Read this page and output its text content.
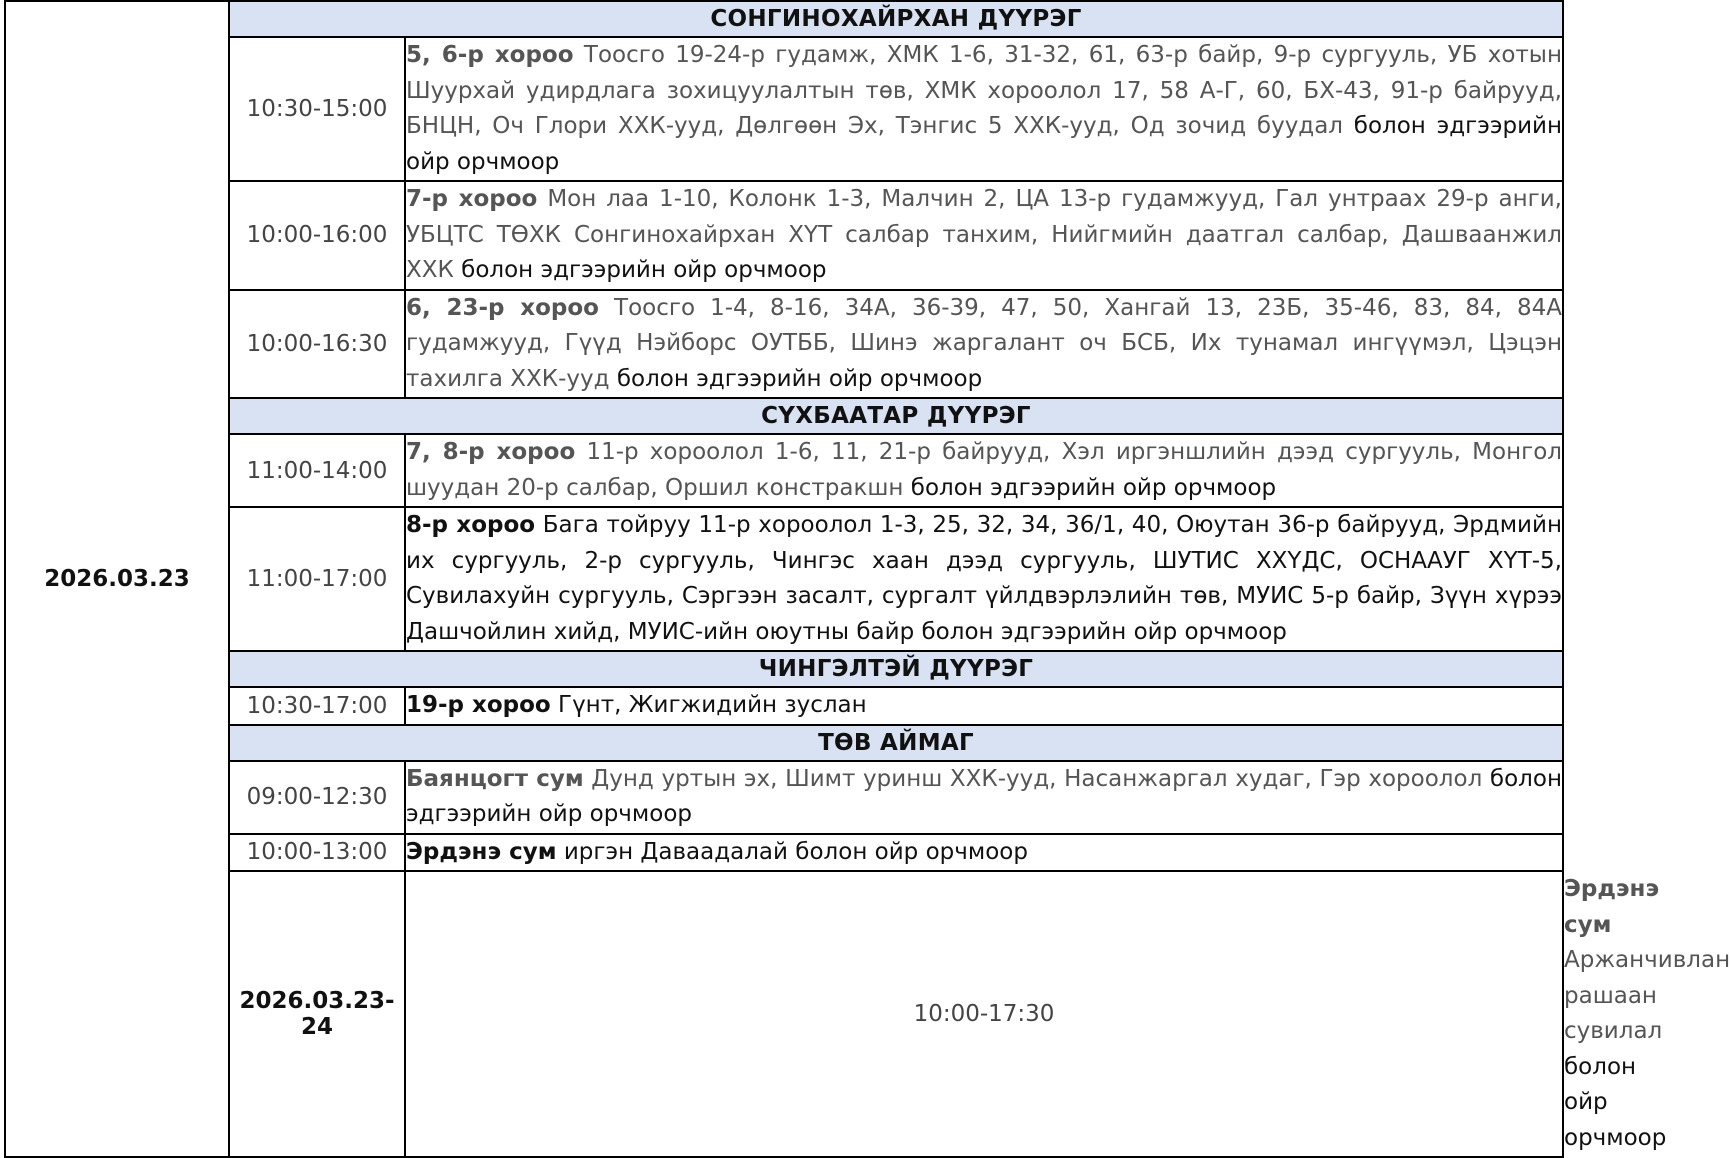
2026.03.23	СОНГИНОХАЙРХАН ДҮҮРЭГ		
	10:30-15:00	5, 6-р хороо Тоосго 19-24-р гудамж, ХМК 1-6, 31-32, 61, 63-р байр, 9-р сургууль, УБ хотын Шуурхай удирдлага зохицуулалтын төв, ХМК хороолол 17, 58 А-Г, 60, БХ-43, 91-р байрууд, БНЦН, Оч Глори ХХК-ууд, Дөлгөөн Эх, Тэнгис 5 ХХК-ууд, Од зочид буудал болон эдгээрийн ойр орчмоор	
	10:00-16:00	7-р хороо Мон лаа 1-10, Колонк 1-3, Малчин 2, ЦА 13-р гудамжууд, Гал унтраах 29-р анги, УБЦТС ТӨХК Сонгинохайрхан ХҮТ салбар танхим, Нийгмийн даатгал салбар, Дашваанжил ХХК болон эдгээрийн ойр орчмоор	
	10:00-16:30	6, 23-р хороо Тоосго 1-4, 8-16, 34А, 36-39, 47, 50, Хангай 13, 23Б, 35-46, 83, 84, 84А гудамжууд, Гүүд Нэйборс ОУТББ, Шинэ жаргалант оч БСБ, Их тунамал ингүүмэл, Цэцэн тахилга ХХК-ууд болон эдгээрийн ойр орчмоор	
	СҮХБААТАР ДҮҮРЭГ		
	11:00-14:00	7, 8-р хороо 11-р хороолол 1-6, 11, 21-р байрууд, Хэл иргэншлийн дээд сургууль, Монгол шуудан 20-р салбар, Оршил констракшн болон эдгээрийн ойр орчмоор	
	11:00-17:00	8-р хороо Бага тойруу 11-р хороолол 1-3, 25, 32, 34, 36/1, 40, Оюутан 36-р байрууд, Эрдмийн их сургууль, 2-р сургууль, Чингэс хаан дээд сургууль, ШУТИС ХХҮДС, ОСНААУГ ХҮТ-5, Сувилахуйн сургууль, Сэргээн засалт, сургалт үйлдвэрлэлийн төв, МУИС 5-р байр, Зүүн хүрээ Дашчойлин хийд, МУИС-ийн оюутны байр болон эдгээрийн ойр орчмоор	
	ЧИНГЭЛТЭЙ ДҮҮРЭГ		
	10:30-17:00	19-р хороо Гүнт, Жигжидийн зуслан	
	ТӨВ АЙМАГ		
	09:00-12:30	Баянцогт сум Дунд уртын эх, Шимт уринш ХХК-ууд, Насанжаргал худаг, Гэр хороолол болон эдгээрийн ойр орчмоор	
	10:00-13:00	Эрдэнэ сум иргэн Даваадалай болон ойр орчмоор	
	2026.03.23-24	10:00-17:30	Эрдэнэ сум Аржанчивлан рашаан сувилал болон ойр орчмоор
